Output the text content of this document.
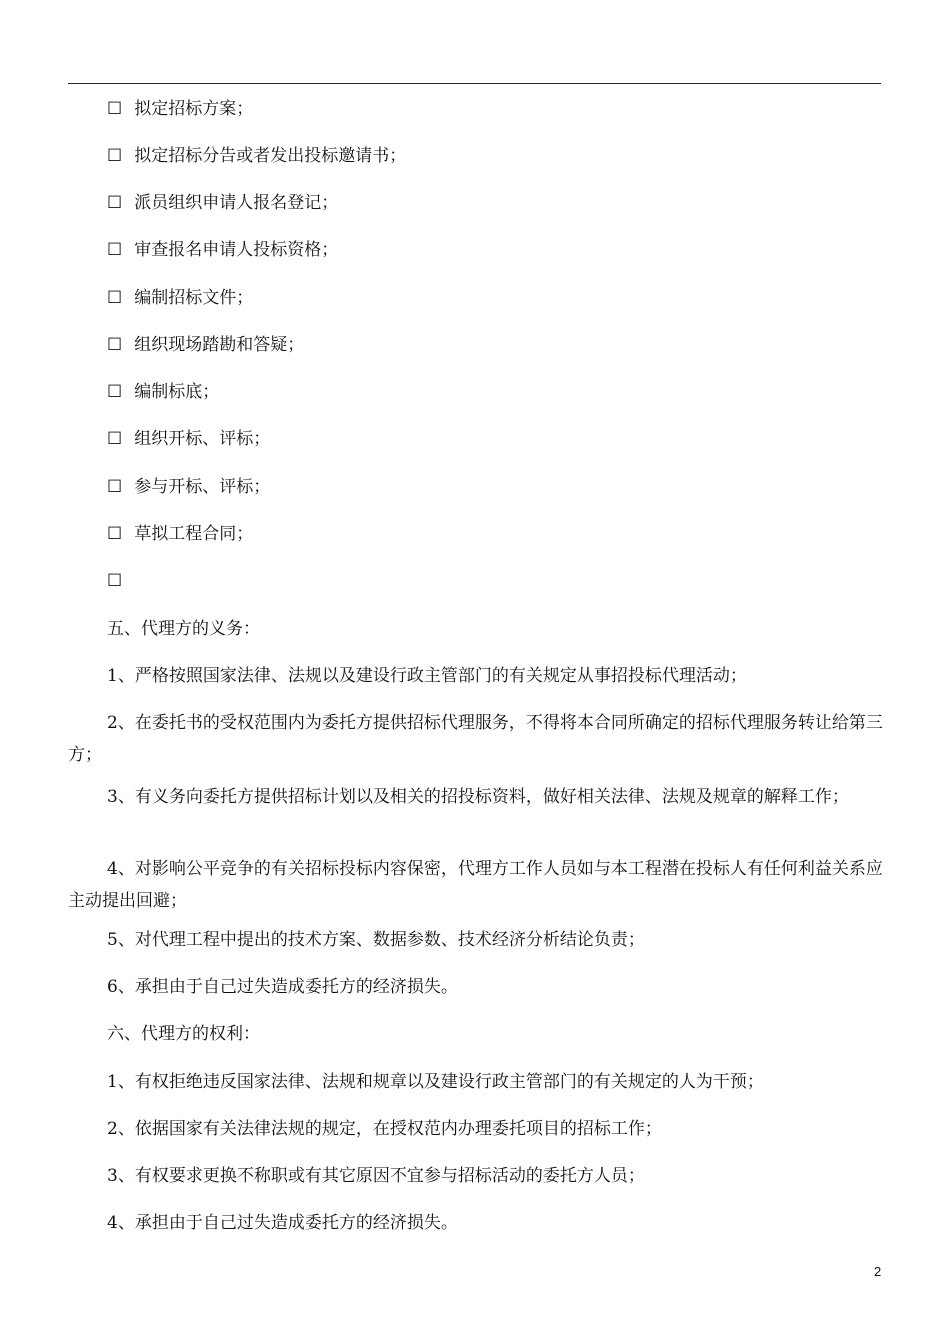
☐ 拟定招标方案；
☐ 拟定招标分告或者发出投标邀请书；
☐ 派员组织申请人报名登记；
☐ 审查报名申请人投标资格；
☐ 编制招标文件；
☐ 组织现场踏勘和答疑；
☐ 编制标底；
☐ 组织开标、评标；
☐ 参与开标、评标；
☐ 草拟工程合同；
☐
五、代理方的义务：
1、严格按照国家法律、法规以及建设行政主管部门的有关规定从事招投标代理活动；
2、在委托书的受权范围内为委托方提供招标代理服务，不得将本合同所确定的招标代理服务转让给第三方；
3、有义务向委托方提供招标计划以及相关的招投标资料，做好相关法律、法规及规章的解释工作；
4、对影响公平竞争的有关招标投标内容保密，代理方工作人员如与本工程潜在投标人有任何利益关系应主动提出回避；
5、对代理工程中提出的技术方案、数据参数、技术经济分析结论负责；
6、承担由于自己过失造成委托方的经济损失。
六、代理方的权利：
1、有权拒绝违反国家法律、法规和规章以及建设行政主管部门的有关规定的人为干预；
2、依据国家有关法律法规的规定，在授权范内办理委托项目的招标工作；
3、有权要求更换不称职或有其它原因不宜参与招标活动的委托方人员；
4、承担由于自己过失造成委托方的经济损失。
2
